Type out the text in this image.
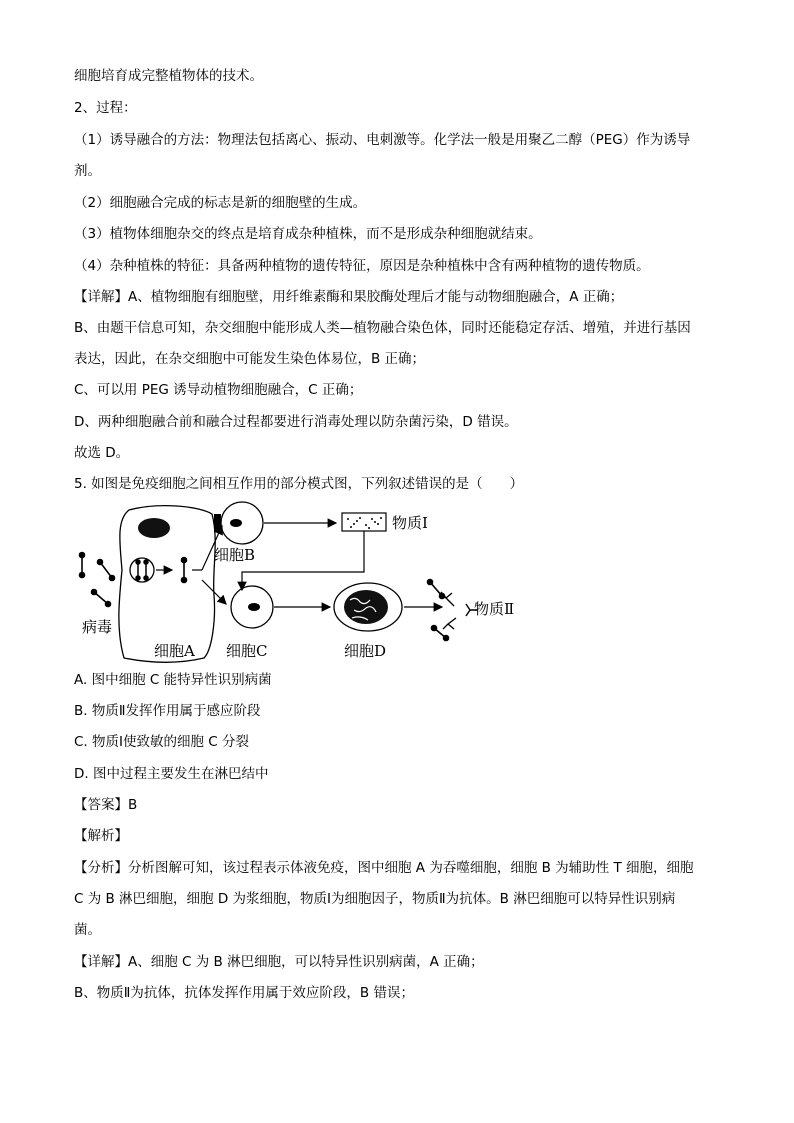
细胞培育成完整植物体的技术。
2、过程：
（1）诱导融合的方法：物理法包括离心、振动、电刺激等。化学法一般是用聚乙二醇（PEG）作为诱导
剂。
（2）细胞融合完成的标志是新的细胞壁的生成。
（3）植物体细胞杂交的终点是培育成杂种植株，而不是形成杂种细胞就结束。
（4）杂种植株的特征：具备两种植物的遗传特征，原因是杂种植株中含有两种植物的遗传物质。
【详解】A、植物细胞有细胞壁，用纤维素酶和果胶酶处理后才能与动物细胞融合，A 正确；
B、由题干信息可知，杂交细胞中能形成人类—植物融合染色体，同时还能稳定存活、增殖，并进行基因
表达，因此，在杂交细胞中可能发生染色体易位，B 正确；
C、可以用 PEG 诱导动植物细胞融合，C 正确；
D、两种细胞融合前和融合过程都要进行消毒处理以防杂菌污染，D 错误。
故选 D。
5. 如图是免疫细胞之间相互作用的部分模式图，下列叙述错误的是（　　）
物质Ⅰ
物质Ⅱ
细胞B
病毒
细胞A 细胞C	细胞D
A. 图中细胞 C 能特异性识别病菌
B. 物质Ⅱ发挥作用属于感应阶段
C. 物质Ⅰ使致敏的细胞 C 分裂
D. 图中过程主要发生在淋巴结中
【答案】B
【解析】
【分析】分析图解可知，该过程表示体液免疫，图中细胞 A 为吞噬细胞，细胞 B 为辅助性 T 细胞，细胞
C 为 B 淋巴细胞，细胞 D 为浆细胞，物质Ⅰ为细胞因子，物质Ⅱ为抗体。B 淋巴细胞可以特异性识别病
菌。
【详解】A、细胞 C 为 B 淋巴细胞，可以特异性识别病菌，A 正确；
B、物质Ⅱ为抗体，抗体发挥作用属于效应阶段，B 错误；
